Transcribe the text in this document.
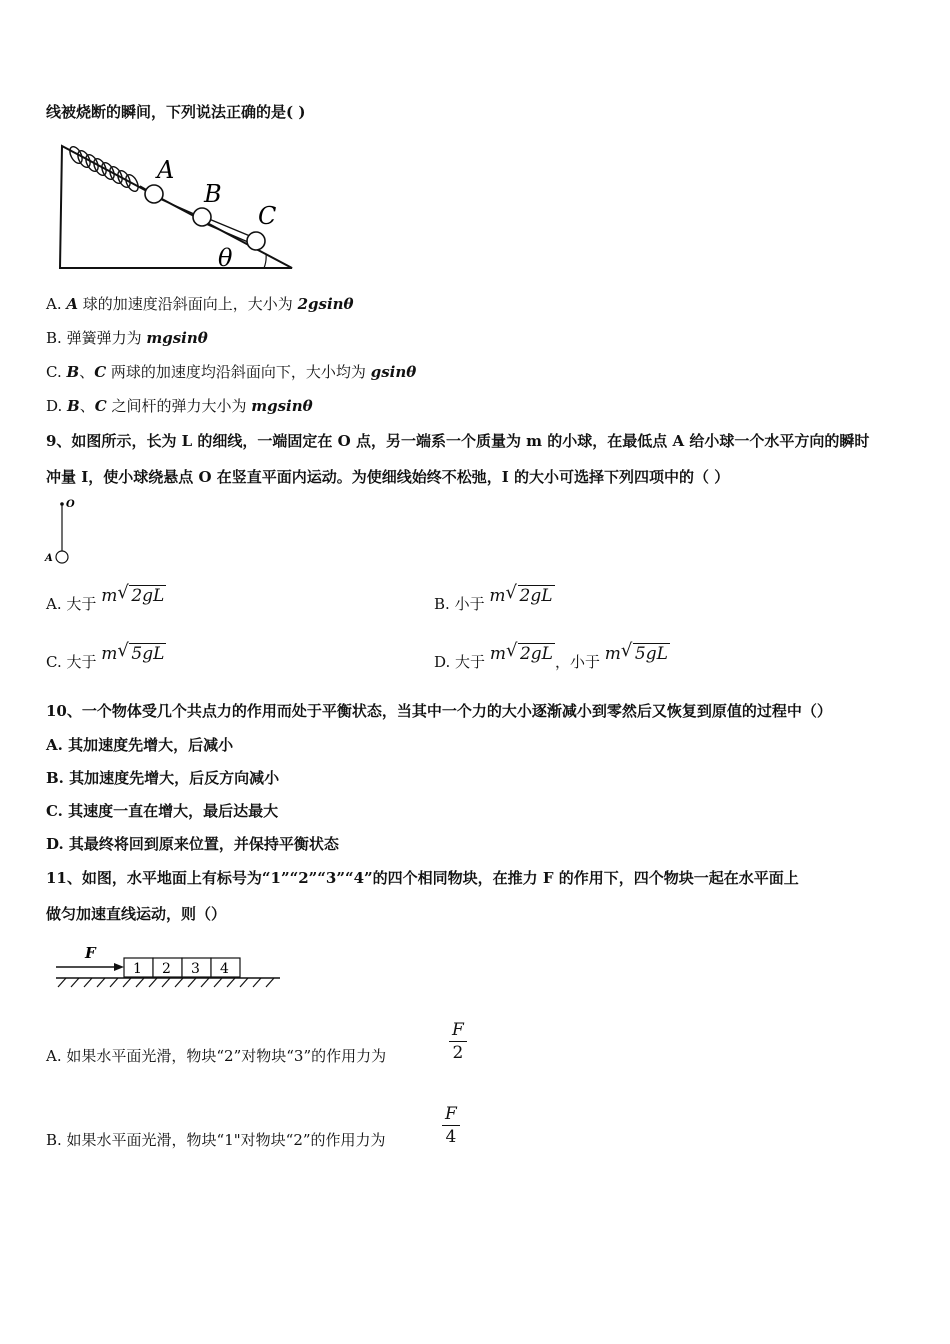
线被烧断的瞬间，下列说法正确的是( )
A
B
C
θ
A. A 球的加速度沿斜面向上，大小为 2gsinθ
B. 弹簧弹力为 mgsinθ
C. B、C 两球的加速度均沿斜面向下，大小均为 gsinθ
D. B、C 之间杆的弹力大小为 mgsinθ
9、如图所示，长为 L 的细线，一端固定在 O 点，另一端系一个质量为 m 的小球，在最低点 A 给小球一个水平方向的瞬时
冲量 I，使小球绕悬点 O 在竖直平面内运动。为使细线始终不松弛，I 的大小可选择下列四项中的（ ）
O
A
A. 大于 m √ 2gL	B. 小于 m √ 2gL
C. 大于 m √ 5gL	D. 大于 m √ 2gL ，小于 m √ 5gL
10、一个物体受几个共点力的作用而处于平衡状态，当其中一个力的大小逐渐减小到零然后又恢复到原值的过程中（）
A. 其加速度先增大，后减小
B. 其加速度先增大，后反方向减小
C. 其速度一直在增大，最后达最大
D. 其最终将回到原来位置，并保持平衡状态
11、如图，水平地面上有标号为“1”“2”“3”“4”的四个相同物块，在推力 F 的作用下，四个物块一起在水平面上
做匀加速直线运动，则（）
F
1 2 3 4
A. 如果水平面光滑，物块“2”对物块“3”的作用力为
F
2
B. 如果水平面光滑，物块“1"对物块“2”的作用力为
F
4
